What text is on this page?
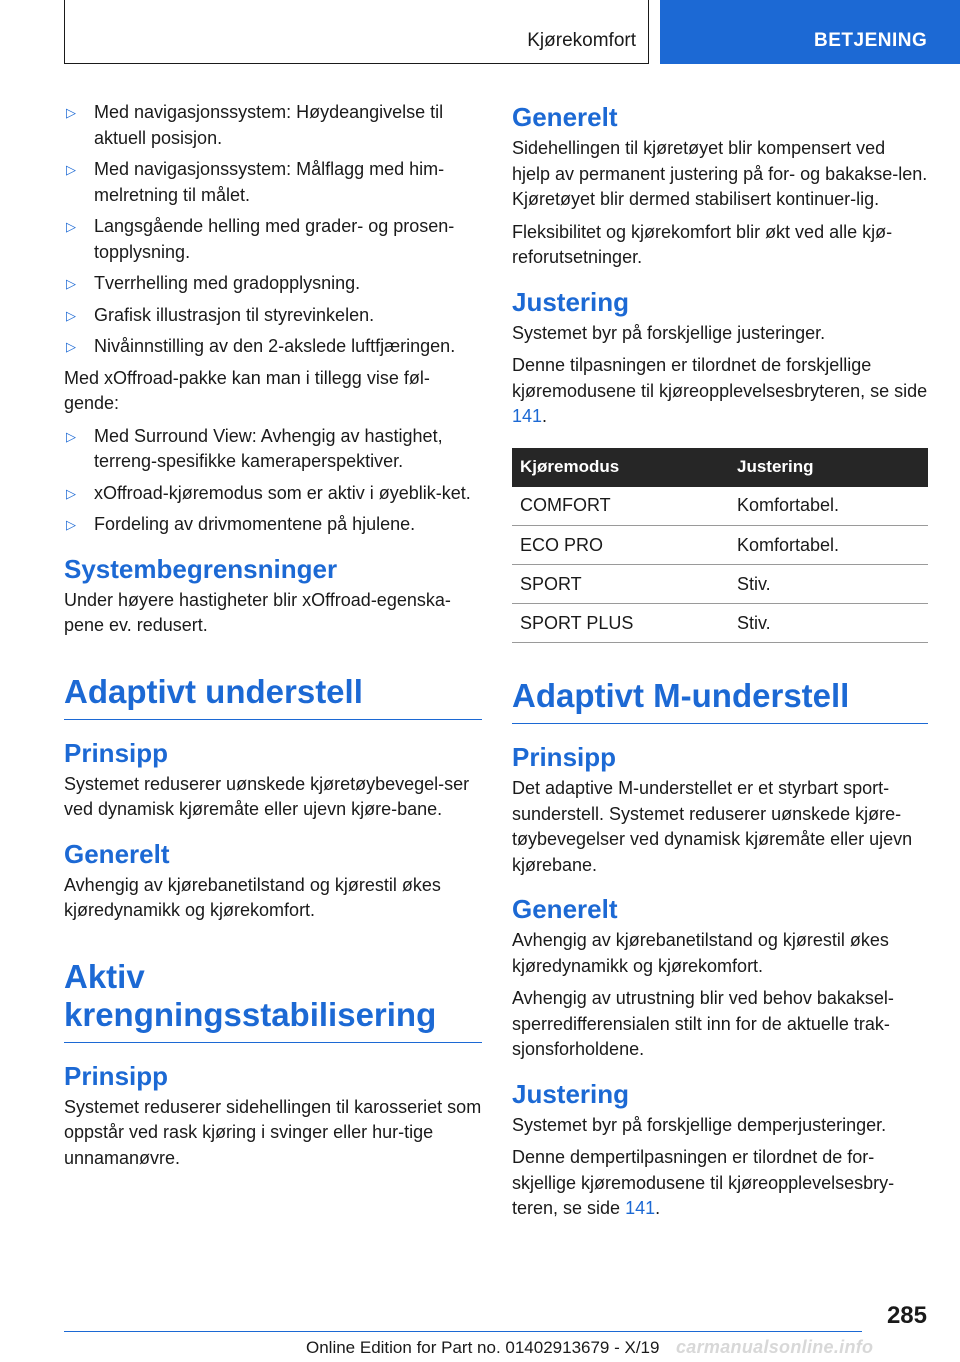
Kjørekomfort	BETJENING
▷ Med navigasjonssystem: Høydeangivelse til aktuell posisjon.
▷ Med navigasjonssystem: Målflagg med him-melretning til målet.
▷ Langsgående helling med grader- og prosen-topplysning.
▷ Tverrhelling med gradopplysning.
▷ Grafisk illustrasjon til styrevinkelen.
▷ Nivåinnstilling av den 2-akslede luftfjæringen.

Med xOffroad-pakke kan man i tillegg vise føl-gende:

▷ Med Surround View: Avhengig av hastighet, terreng-spesifikke kameraperspektiver.
▷ xOffroad-kjøremodus som er aktiv i øyeblik-ket.
▷ Fordeling av drivmomentene på hjulene.
Systembegrensninger

Under høyere hastigheter blir xOffroad-egenska-pene ev. redusert.

Adaptivt understell
Prinsipp

Systemet reduserer uønskede kjøretøybevegel-ser ved dynamisk kjøremåte eller ujevn kjøre-bane.

Generelt

Avhengig av kjørebanetilstand og kjørestil økes kjøredynamikk og kjørekomfort.

Aktiv
krengningsstabilisering
Prinsipp

Systemet reduserer sidehellingen til karosseriet som oppstår ved rask kjøring i svinger eller hur-tige unnamanøvre.

Generelt

Sidehellingen til kjøretøyet blir kompensert ved hjelp av permanent justering på for- og bakakse-len. Kjøretøyet blir dermed stabilisert kontinuer-lig.

Fleksibilitet og kjørekomfort blir økt ved alle kjø-reforutsetninger.

Justering

Systemet byr på forskjellige justeringer.

Denne tilpasningen er tilordnet de forskjellige kjøremodusene til kjøreopplevelsesbryteren, se side 141.

Kjøremodus	Justering
COMFORT	Komfortabel.
ECO PRO	Komfortabel.
SPORT	Stiv.
SPORT PLUS	Stiv.
Adaptivt M-understell
Prinsipp

Det adaptive M-understellet er et styrbart sport-sunderstell. Systemet reduserer uønskede kjøre-tøybevegelser ved dynamisk kjøremåte eller ujevn kjørebane.

Generelt

Avhengig av kjørebanetilstand og kjørestil økes kjøredynamikk og kjørekomfort.

Avhengig av utrustning blir ved behov bakaksel-sperredifferensialen stilt inn for de aktuelle trak-sjonsforholdene.

Justering

Systemet byr på forskjellige demperjusteringer.

Denne dempertilpasningen er tilordnet de for-skjellige kjøremodusene til kjøreopplevelsesbry-teren, se side 141.

285
Online Edition for Part no. 01402913679 - X/19 carmanualsonline.info
